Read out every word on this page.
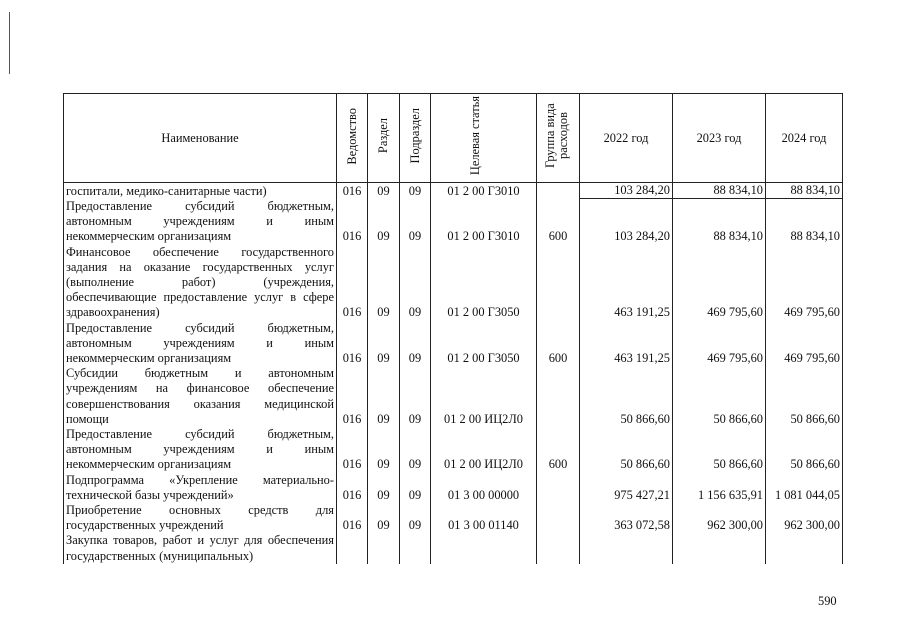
Наименование	Ведомство	Раздел	Подраздел	Целевая статья	Группа вида расходов	2022 год	2023 год	2024 год
госпитали, медико-санитарные части)	016	09	09	01 2 00 Г3010		103 284,20	88 834,10	88 834,10
Предоставление субсидий бюджетным, автономным учреждениям и иным некоммерческим организациям	016	09	09	01 2 00 Г3010	600	103 284,20	88 834,10	88 834,10
Финансовое обеспечение государственного задания на оказание государственных услуг (выполнение работ) (учреждения, обеспечивающие предоставление услуг в сфере здравоохранения)	016	09	09	01 2 00 Г3050		463 191,25	469 795,60	469 795,60
Предоставление субсидий бюджетным, автономным учреждениям и иным некоммерческим организациям	016	09	09	01 2 00 Г3050	600	463 191,25	469 795,60	469 795,60
Субсидии бюджетным и автономным учреждениям на финансовое обеспечение совершенствования оказания медицинской помощи	016	09	09	01 2 00 ИЦ2Л0		50 866,60	50 866,60	50 866,60
Предоставление субсидий бюджетным, автономным учреждениям и иным некоммерческим организациям	016	09	09	01 2 00 ИЦ2Л0	600	50 866,60	50 866,60	50 866,60
Подпрограмма «Укрепление материально-технической базы учреждений»	016	09	09	01 3 00 00000		975 427,21	1 156 635,91	1 081 044,05
Приобретение основных средств для государственных учреждений	016	09	09	01 3 00 01140		363 072,58	962 300,00	962 300,00
Закупка товаров, работ и услуг для обеспечения государственных (муниципальных)								
590
